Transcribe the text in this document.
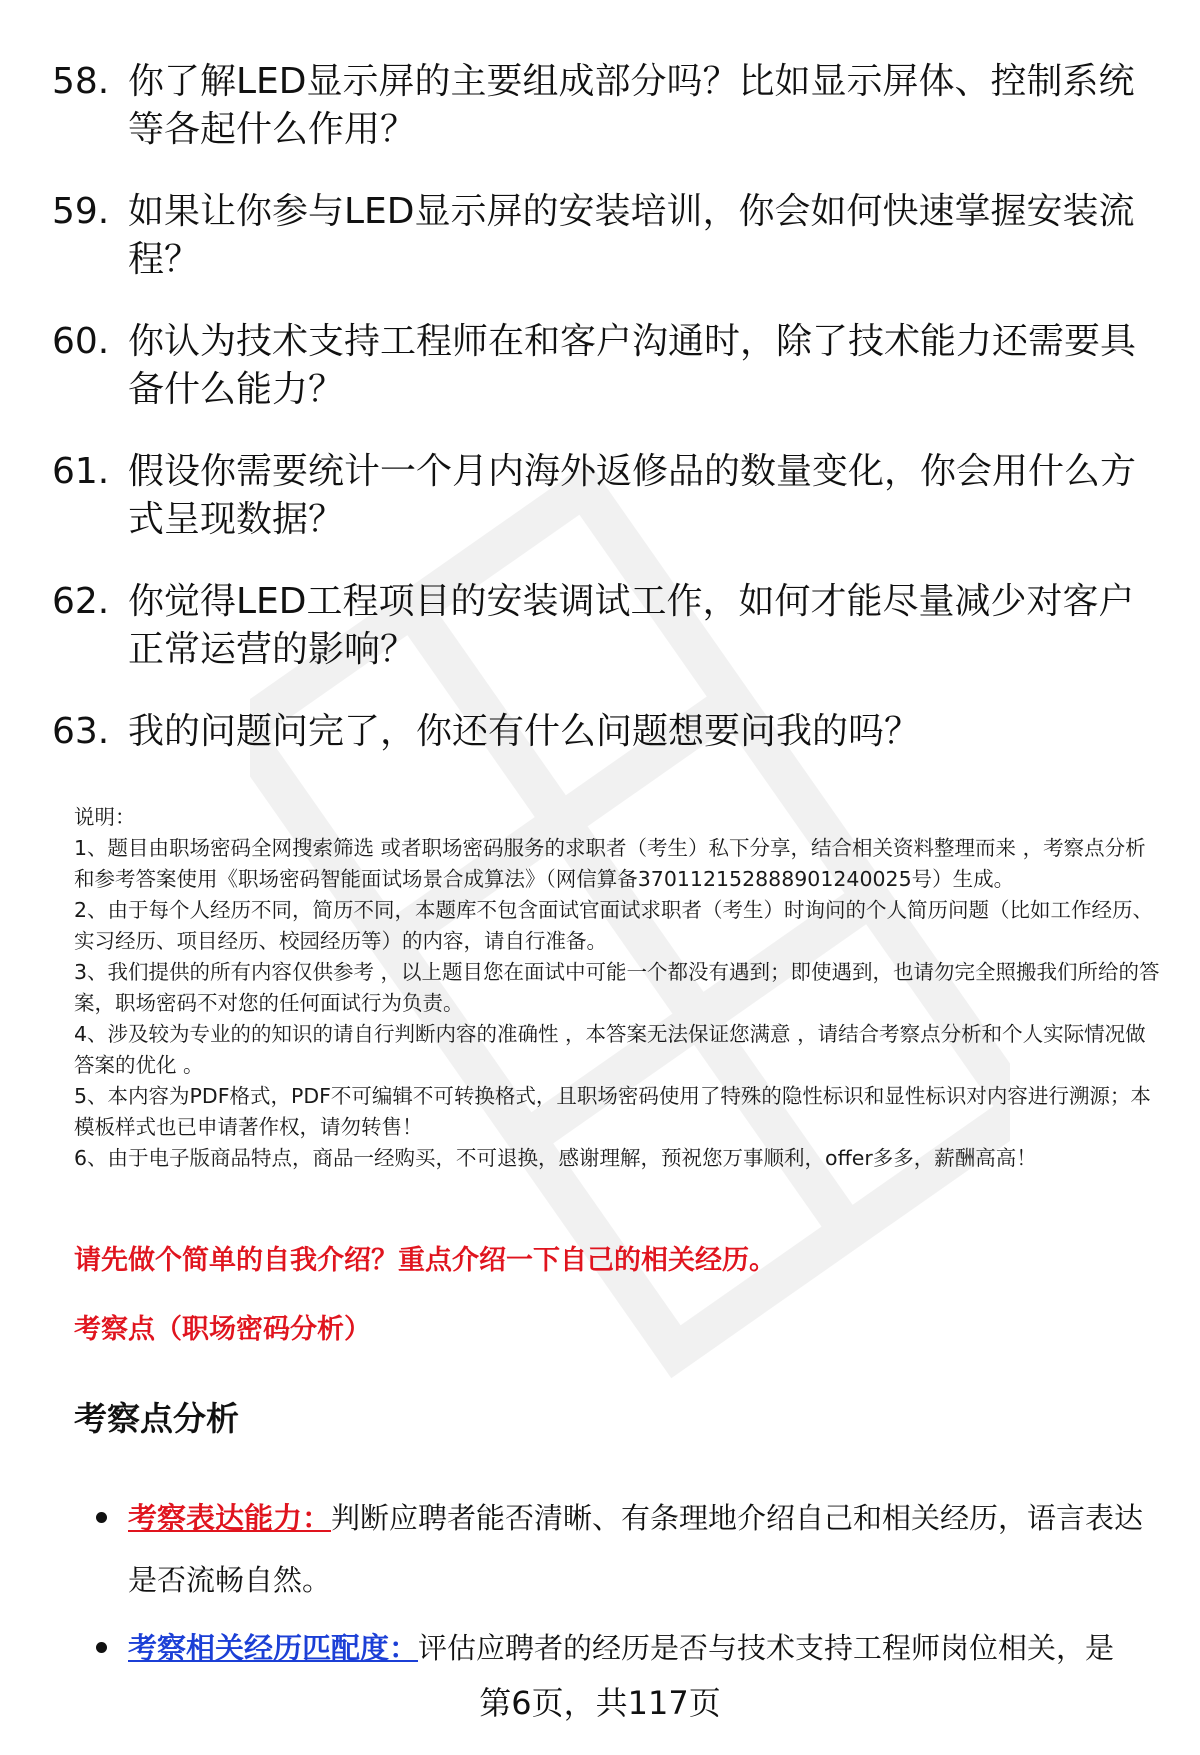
58. 你了解LED显示屏的主要组成部分吗？比如显示屏体、控制系统等各起什么作用？
59. 如果让你参与LED显示屏的安装培训，你会如何快速掌握安装流程？
60. 你认为技术支持工程师在和客户沟通时，除了技术能力还需要具备什么能力？
61. 假设你需要统计一个月内海外返修品的数量变化，你会用什么方式呈现数据？
62. 你觉得LED工程项目的安装调试工作，如何才能尽量减少对客户正常运营的影响？
63. 我的问题问完了，你还有什么问题想要问我的吗？

说明：

1、题目由职场密码全网搜索筛选 或者职场密码服务的求职者（考生）私下分享，结合相关资料整理而来 ，考察点分析和参考答案使用《职场密码智能面试场景合成算法》（网信算备370112152888901240025号）生成。

2、由于每个人经历不同，简历不同，本题库不包含面试官面试求职者（考生）时询问的个人简历问题（比如工作经历、实习经历、项目经历、校园经历等）的内容，请自行准备。

3、我们提供的所有内容仅供参考 ，以上题目您在面试中可能一个都没有遇到；即使遇到，也请勿完全照搬我们所给的答案，职场密码不对您的任何面试行为负责。

4、涉及较为专业的的知识的请自行判断内容的准确性 ，本答案无法保证您满意 ，请结合考察点分析和个人实际情况做答案的优化 。

5、本内容为PDF格式，PDF不可编辑不可转换格式，且职场密码使用了特殊的隐性标识和显性标识对内容进行溯源；本模板样式也已申请著作权，请勿转售！

6、由于电子版商品特点，商品一经购买，不可退换，感谢理解，预祝您万事顺利，offer多多，薪酬高高！

请先做个简单的自我介绍？重点介绍一下自己的相关经历。
考察点（职场密码分析）
考察点分析
考察表达能力：判断应聘者能否清晰、有条理地介绍自己和相关经历，语言表达是否流畅自然。
考察相关经历匹配度：评估应聘者的经历是否与技术支持工程师岗位相关，是
第6页，共117页
